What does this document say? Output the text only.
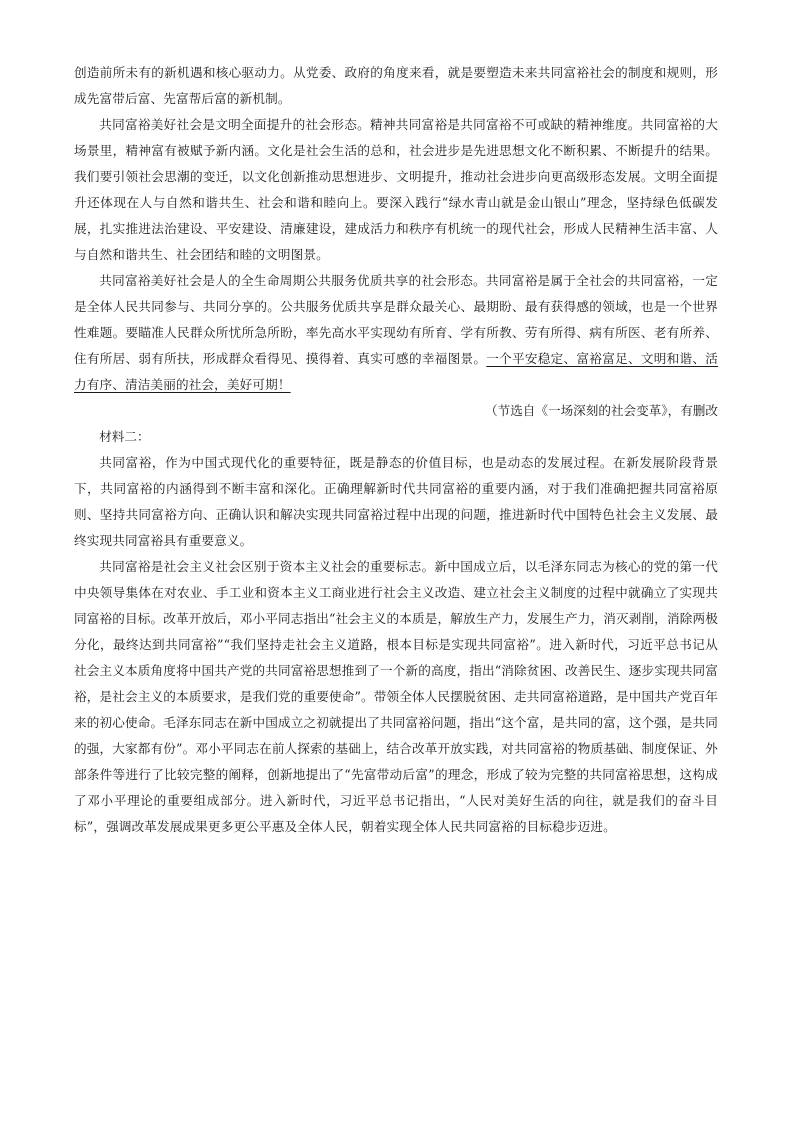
创造前所未有的新机遇和核心驱动力。从党委、政府的角度来看，就是要塑造未来共同富裕社会的制度和规则，形成先富带后富、先富帮后富的新机制。

共同富裕美好社会是文明全面提升的社会形态。精神共同富裕是共同富裕不可或缺的精神维度。共同富裕的大场景里，精神富有被赋予新内涵。文化是社会生活的总和，社会进步是先进思想文化不断积累、不断提升的结果。我们要引领社会思潮的变迁，以文化创新推动思想进步、文明提升，推动社会进步向更高级形态发展。文明全面提升还体现在人与自然和谐共生、社会和谐和睦向上。要深入践行“绿水青山就是金山银山”理念，坚持绿色低碳发展，扎实推进法治建设、平安建设、清廉建设，建成活力和秩序有机统一的现代社会，形成人民精神生活丰富、人与自然和谐共生、社会团结和睦的文明图景。

共同富裕美好社会是人的全生命周期公共服务优质共享的社会形态。共同富裕是属于全社会的共同富裕，一定是全体人民共同参与、共同分享的。公共服务优质共享是群众最关心、最期盼、最有获得感的领域，也是一个世界性难题。要瞄准人民群众所忧所急所盼，率先高水平实现幼有所育、学有所教、劳有所得、病有所医、老有所养、住有所居、弱有所扶，形成群众看得见、摸得着、真实可感的幸福图景。一个平安稳定、富裕富足、文明和谐、活力有序、清洁美丽的社会，美好可期！

（节选自《一场深刻的社会变革》，有删改

材料二：

共同富裕，作为中国式现代化的重要特征，既是静态的价值目标，也是动态的发展过程。在新发展阶段背景下，共同富裕的内涵得到不断丰富和深化。正确理解新时代共同富裕的重要内涵，对于我们准确把握共同富裕原则、坚持共同富裕方向、正确认识和解决实现共同富裕过程中出现的问题，推进新时代中国特色社会主义发展、最终实现共同富裕具有重要意义。

共同富裕是社会主义社会区别于资本主义社会的重要标志。新中国成立后，以毛泽东同志为核心的党的第一代中央领导集体在对农业、手工业和资本主义工商业进行社会主义改造、建立社会主义制度的过程中就确立了实现共同富裕的目标。改革开放后，邓小平同志指出“社会主义的本质是，解放生产力，发展生产力，消灭剥削，消除两极分化，最终达到共同富裕”“我们坚持走社会主义道路，根本目标是实现共同富裕”。进入新时代，习近平总书记从社会主义本质角度将中国共产党的共同富裕思想推到了一个新的高度，指出“消除贫困、改善民生、逐步实现共同富裕，是社会主义的本质要求，是我们党的重要使命”。带领全体人民摆脱贫困、走共同富裕道路，是中国共产党百年来的初心使命。毛泽东同志在新中国成立之初就提出了共同富裕问题，指出“这个富，是共同的富，这个强，是共同的强，大家都有份”。邓小平同志在前人探索的基础上，结合改革开放实践，对共同富裕的物质基础、制度保证、外部条件等进行了比较完整的阐释，创新地提出了“先富带动后富”的理念，形成了较为完整的共同富裕思想，这构成了邓小平理论的重要组成部分。进入新时代，习近平总书记指出，“人民对美好生活的向往，就是我们的奋斗目标”，强调改革发展成果更多更公平惠及全体人民，朝着实现全体人民共同富裕的目标稳步迈进。
